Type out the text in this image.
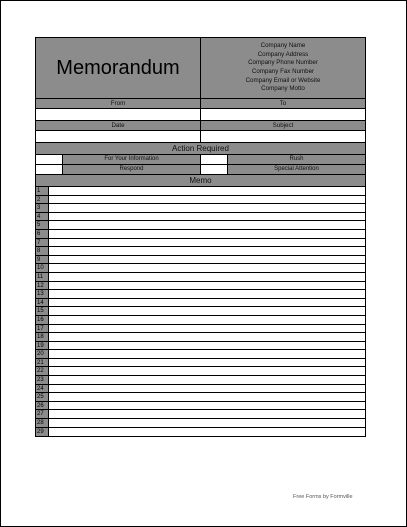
Memorandum
Company Name
Company Address
Company Phone Number
Company Fax Number
Company Email or Website
Company Motto
From	To
Date	Subject
Action Required
For Your Information	Rush
Respond	Special Attention
Memo
1
2
3
4
5
6
7
8
9
10
11
12
13
14
15
16
17
18
19
20
21
22
23
24
25
26
27
28
29
Free Forms by Formville
